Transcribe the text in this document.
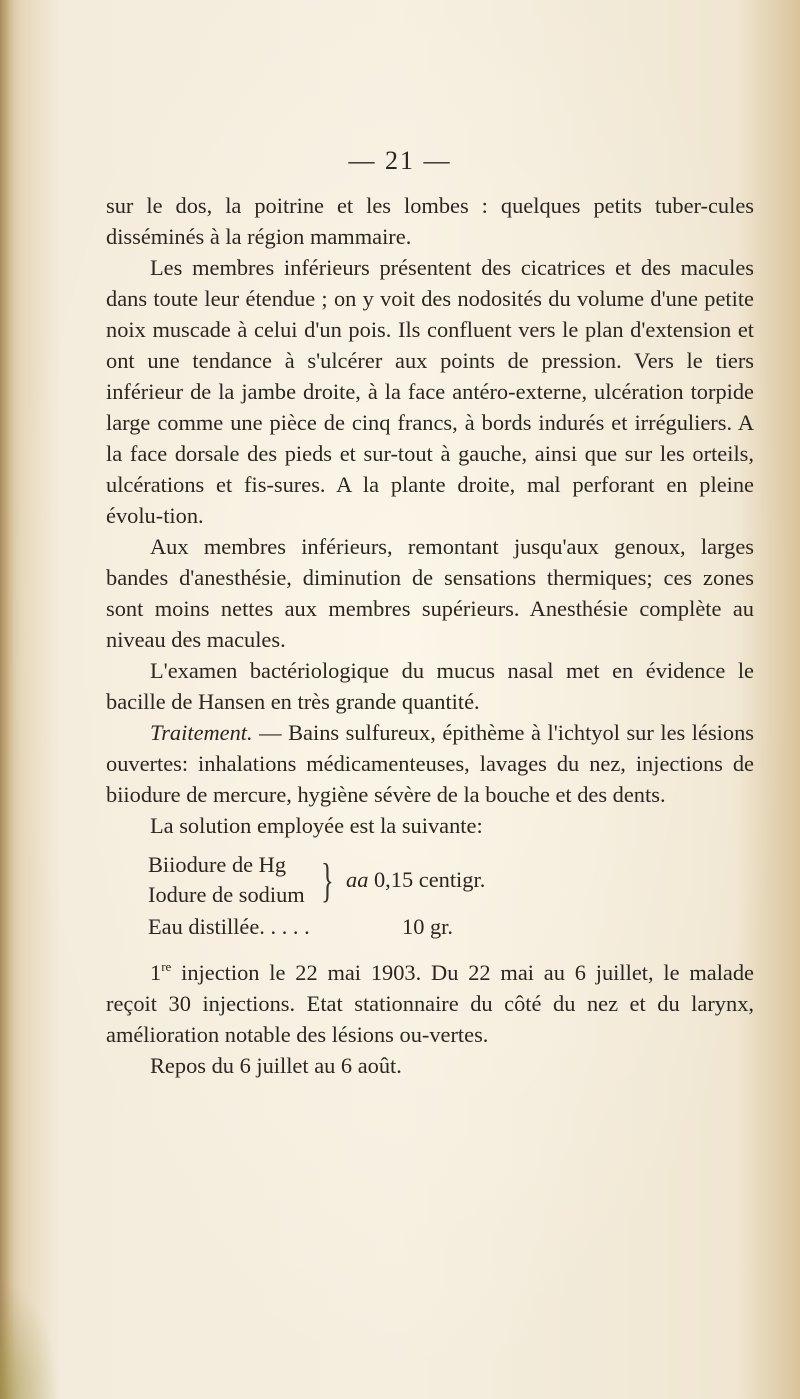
— 21 —

sur le dos, la poitrine et les lombes : quelques petits tuber-cules disséminés à la région mammaire.

Les membres inférieurs présentent des cicatrices et des macules dans toute leur étendue ; on y voit des nodosités du volume d'une petite noix muscade à celui d'un pois. Ils confluent vers le plan d'extension et ont une tendance à s'ulcérer aux points de pression. Vers le tiers inférieur de la jambe droite, à la face antéro-externe, ulcération torpide large comme une pièce de cinq francs, à bords indurés et irréguliers. A la face dorsale des pieds et sur-tout à gauche, ainsi que sur les orteils, ulcérations et fis-sures. A la plante droite, mal perforant en pleine évolu-tion.

Aux membres inférieurs, remontant jusqu'aux genoux, larges bandes d'anesthésie, diminution de sensations thermiques; ces zones sont moins nettes aux membres supérieurs. Anesthésie complète au niveau des macules.

L'examen bactériologique du mucus nasal met en évidence le bacille de Hansen en très grande quantité.

Traitement. — Bains sulfureux, épithème à l'ichtyol sur les lésions ouvertes: inhalations médicamenteuses, lavages du nez, injections de biiodure de mercure, hygiène sévère de la bouche et des dents.

La solution employée est la suivante:

Biiodure de Hg
Iodure de sodium } aa 0,15 centigr.
Eau distillée. . . . .	10 gr.

1re injection le 22 mai 1903. Du 22 mai au 6 juillet, le malade reçoit 30 injections. Etat stationnaire du côté du nez et du larynx, amélioration notable des lésions ou-vertes.

Repos du 6 juillet au 6 août.
